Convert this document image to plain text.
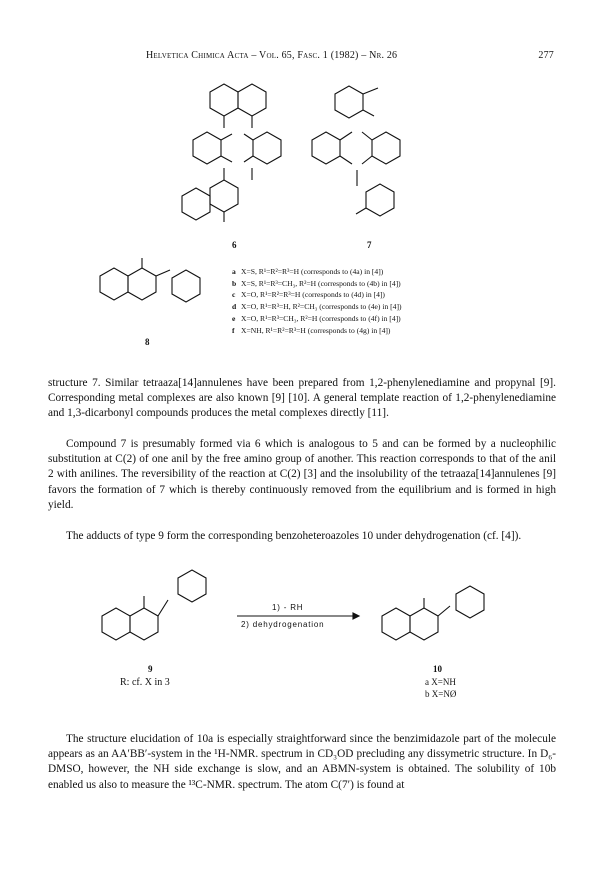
Helvetica Chimica Acta – Vol. 65, Fasc. 1 (1982) – Nr. 26	277
6	7
8
a X=S, R¹=R²=R³=H (corresponds to (4a) in [4])
b X=S, R¹=R³=CH₃, R²=H (corresponds to (4b) in [4])
c X=O, R¹=R²=R³=H (corresponds to (4d) in [4])
d X=O, R¹=R³=H, R²=CH₃ (corresponds to (4e) in [4])
e X=O, R¹=R³=CH₃, R²=H (corresponds to (4f) in [4])
f X=NH, R¹=R²=R³=H (corresponds to (4g) in [4])

structure 7. Similar tetraaza[14]annulenes have been prepared from 1,2-phenylenediamine and propynal [9]. Corresponding metal complexes are also known [9] [10]. A general template reaction of 1,2-phenylenediamine and 1,3-dicarbonyl compounds produces the metal complexes directly [11].

Compound 7 is presumably formed via 6 which is analogous to 5 and can be formed by a nucleophilic substitution at C(2) of one anil by the free amino group of another. This reaction corresponds to that of the anil 2 with anilines. The reversibility of the reaction at C(2) [3] and the insolubility of the tetraaza[14]annulenes [9] favors the formation of 7 which is thereby continuously removed from the equilibrium and is formed in high yield.

The adducts of type 9 form the corresponding benzoheteroazoles 10 under dehydrogenation (cf. [4]).

1) - RH
2) dehydrogenation
9
R: cf. X in 3
10
a X=NH
b X=NØ

The structure elucidation of 10a is especially straightforward since the benzimidazole part of the molecule appears as an AA′BB′-system in the ¹H-NMR. spectrum in CD₃OD precluding any dissymetric structure. In D₆-DMSO, however, the NH side exchange is slow, and an ABMN-system is obtained. The solubility of 10b enabled us also to measure the ¹³C-NMR. spectrum. The atom C(7′) is found at
